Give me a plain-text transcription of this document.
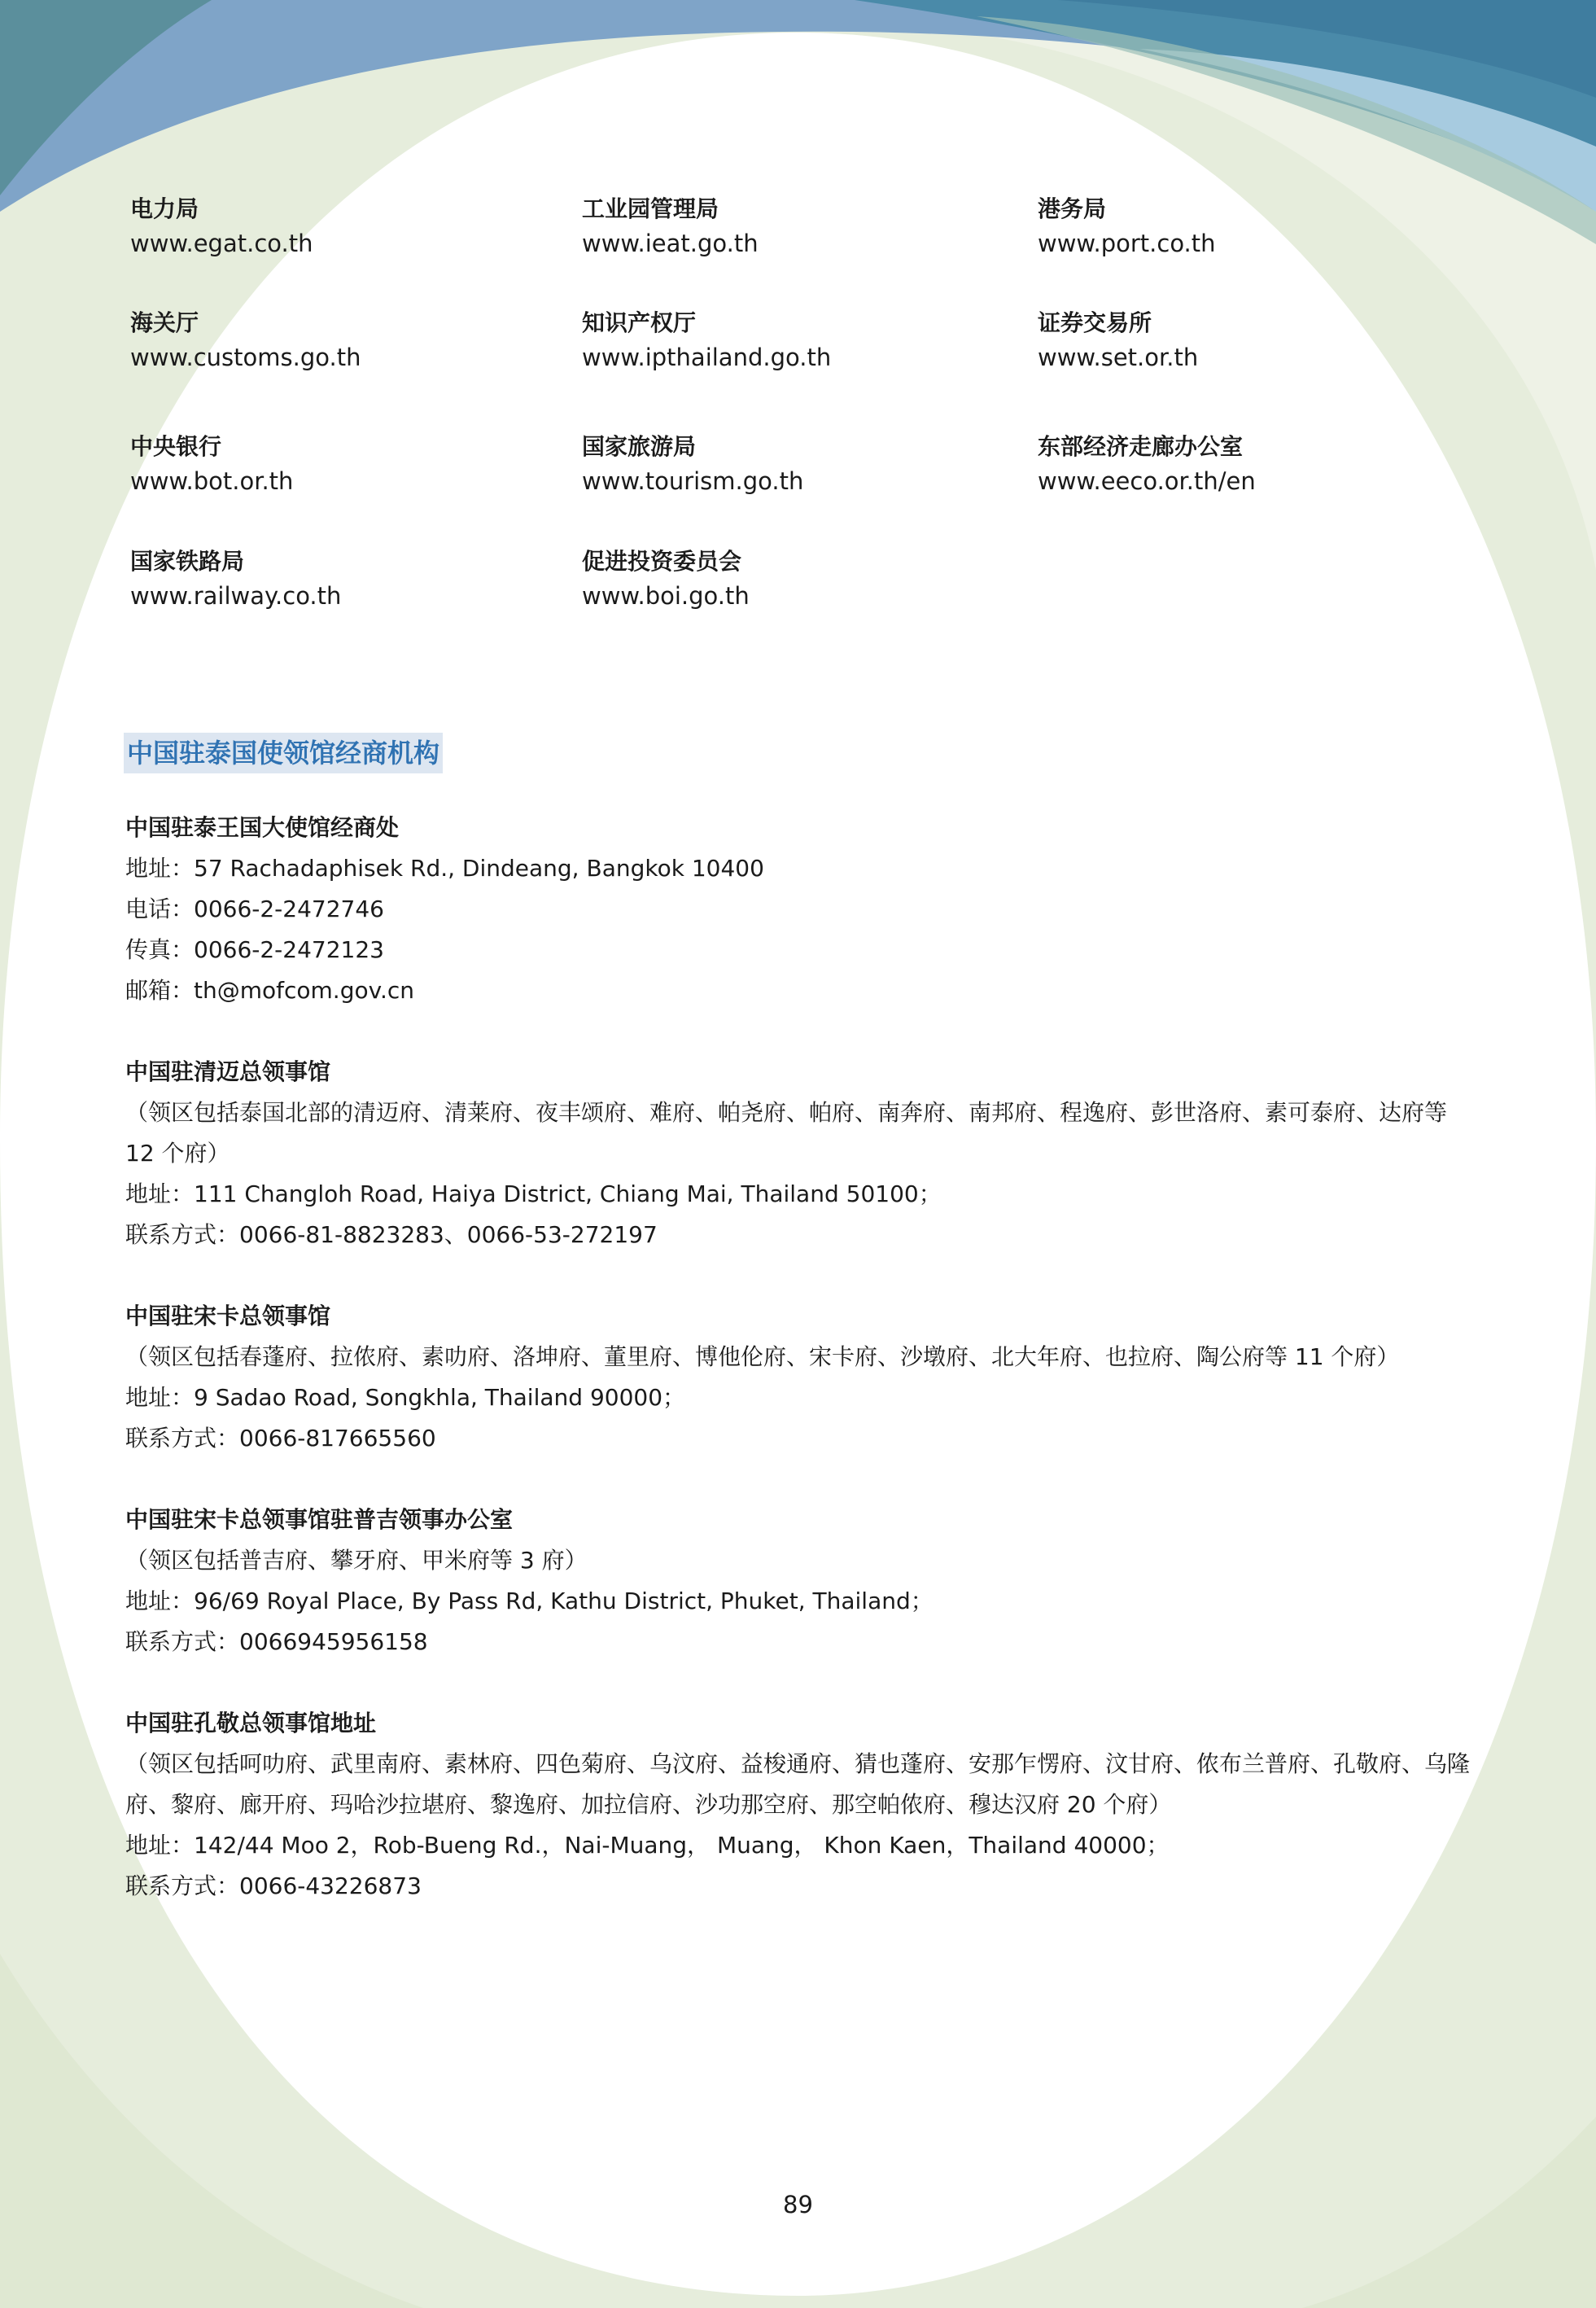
电力局
www.egat.co.th
工业园管理局
www.ieat.go.th
港务局
www.port.co.th
海关厅
www.customs.go.th
知识产权厅
www.ipthailand.go.th
证券交易所
www.set.or.th
中央银行
www.bot.or.th
国家旅游局
www.tourism.go.th
东部经济走廊办公室
www.eeco.or.th/en
国家铁路局
www.railway.co.th
促进投资委员会
www.boi.go.th
中国驻泰国使领馆经商机构
中国驻泰王国大使馆经商处
地址：57 Rachadaphisek Rd., Dindeang, Bangkok 10400
电话：0066-2-2472746
传真：0066-2-2472123
邮箱：th@mofcom.gov.cn
中国驻清迈总领事馆
（领区包括泰国北部的清迈府、清莱府、夜丰颂府、难府、帕尧府、帕府、南奔府、南邦府、程逸府、彭世洛府、素可泰府、达府等 12 个府）
地址：111 Changloh Road, Haiya District, Chiang Mai, Thailand 50100；
联系方式：0066-81-8823283、0066-53-272197
中国驻宋卡总领事馆
（领区包括春蓬府、拉侬府、素叻府、洛坤府、董里府、博他伦府、宋卡府、沙墩府、北大年府、也拉府、陶公府等 11 个府）
地址：9 Sadao Road, Songkhla, Thailand 90000；
联系方式：0066-817665560
中国驻宋卡总领事馆驻普吉领事办公室
（领区包括普吉府、攀牙府、甲米府等 3 府）
地址：96/69 Royal Place, By Pass Rd, Kathu District, Phuket, Thailand；
联系方式：0066945956158
中国驻孔敬总领事馆地址
（领区包括呵叻府、武里南府、素林府、四色菊府、乌汶府、益梭通府、猜也蓬府、安那乍愣府、汶甘府、侬布兰普府、孔敬府、乌隆府、黎府、廊开府、玛哈沙拉堪府、黎逸府、加拉信府、沙功那空府、那空帕侬府、穆达汉府 20 个府）
地址：142/44 Moo 2，Rob-Bueng Rd.，Nai-Muang， Muang， Khon Kaen，Thailand 40000；
联系方式：0066-43226873
89
